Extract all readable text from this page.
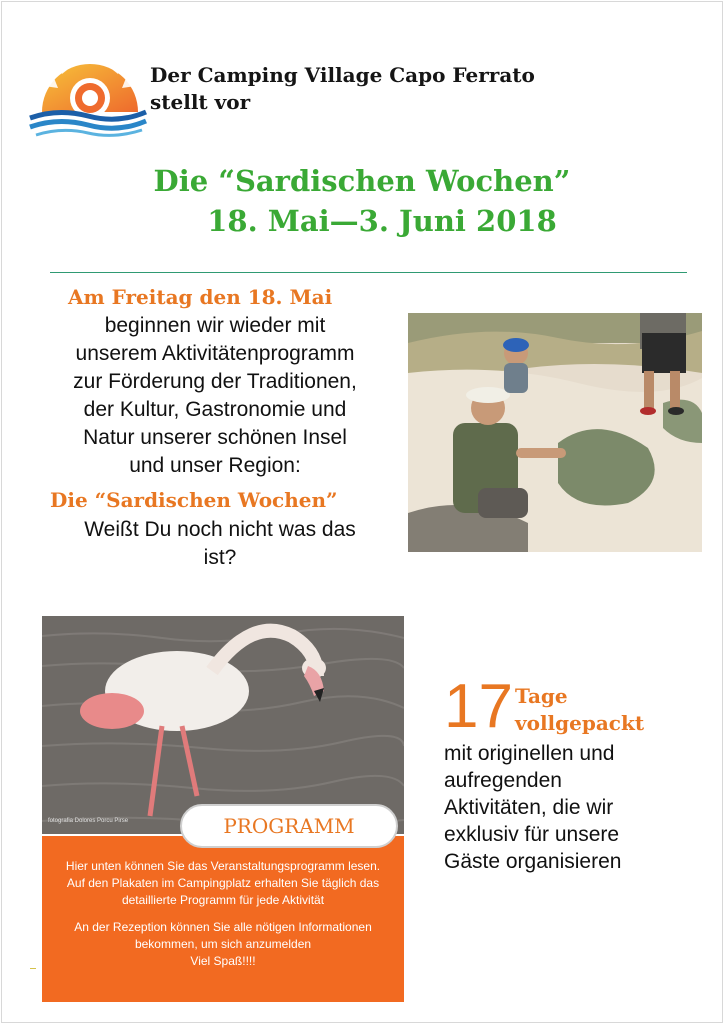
Der Camping Village Capo Ferrato
stellt vor
Die “Sardischen Wochen”
18. Mai—3. Juni 2018
Am Freitag den 18. Mai
beginnen wir wieder mit
unserem Aktivitätenprogramm
zur Förderung der Traditionen,
der Kultur, Gastronomie und
Natur unserer schönen Insel
und unser Region:
Die “Sardischen Wochen”
Weißt Du noch nicht was das
ist?
fotografia Dolores Porcu Pirse
17 Tage
vollgepackt
mit originellen und
aufregenden
Aktivitäten, die wir
exklusiv für unsere
Gäste organisieren

Hier unten können Sie das Veranstaltungsprogramm lesen. Auf den Plakaten im Campingplatz erhalten Sie täglich das detaillierte Programm für jede Aktivität

An der Rezeption können Sie alle nötigen Informationen bekommen, um sich anzumelden

Viel Spaß!!!!

PROGRAMM
